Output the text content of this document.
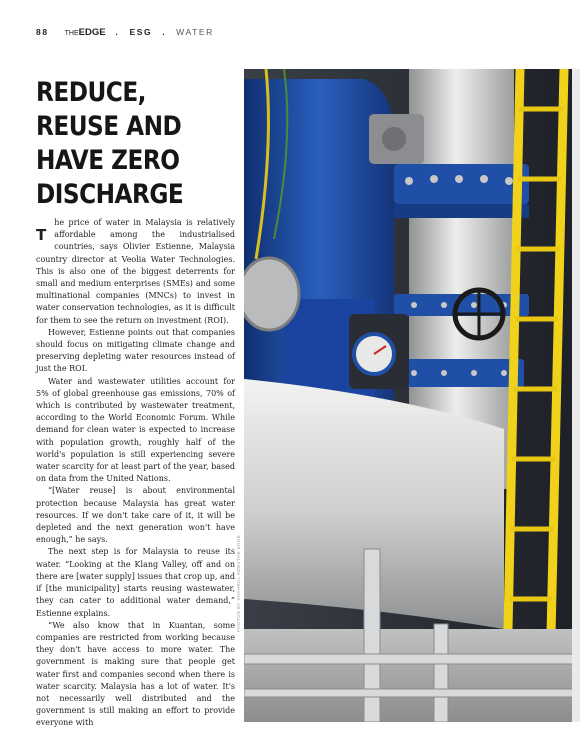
88 THEEDGE . ESG . WATER
REDUCE, REUSE AND HAVE ZERO DISCHARGE

T
he price of water in Malaysia is relatively affordable among the industrialised countries, says Olivier Estienne, Malaysia country director at Veolia Water Technologies. This is also one of the biggest deterrents for small and medium enterprises (SMEs) and some multinational companies (MNCs) to invest in water conservation technologies, as it is difficult for them to see the return on investment (ROI).

However, Estienne points out that companies should focus on mitigating climate change and preserving depleting water resources instead of just the ROI.

Water and wastewater utilities account for 5% of global greenhouse gas emissions, 70% of which is contributed by wastewater treatment, according to the World Economic Forum. While demand for clean water is expected to increase with population growth, roughly half of the world's population is still experiencing severe water scarcity for at least part of the year, based on data from the United Nations.

“[Water reuse] is about environmental protection because Malaysia has great water resources. If we don't take care of it, it will be depleted and the next generation won't have enough,” he says.

The next step is for Malaysia to reuse its water. “Looking at the Klang Valley, off and on there are [water supply] issues that crop up, and if [the municipality] starts reusing wastewater, they can cater to additional water demand,” Estienne explains.

“We also know that in Kuantan, some companies are restricted from working because they don't have access to more water. The government is making sure that people get water first and companies second when there is water scarcity. Malaysia has a lot of water. It's not necessarily well distributed and the government is still making an effort to provide everyone with

PHOTOS BY SHAHRUL AZMI/THE EDGE
